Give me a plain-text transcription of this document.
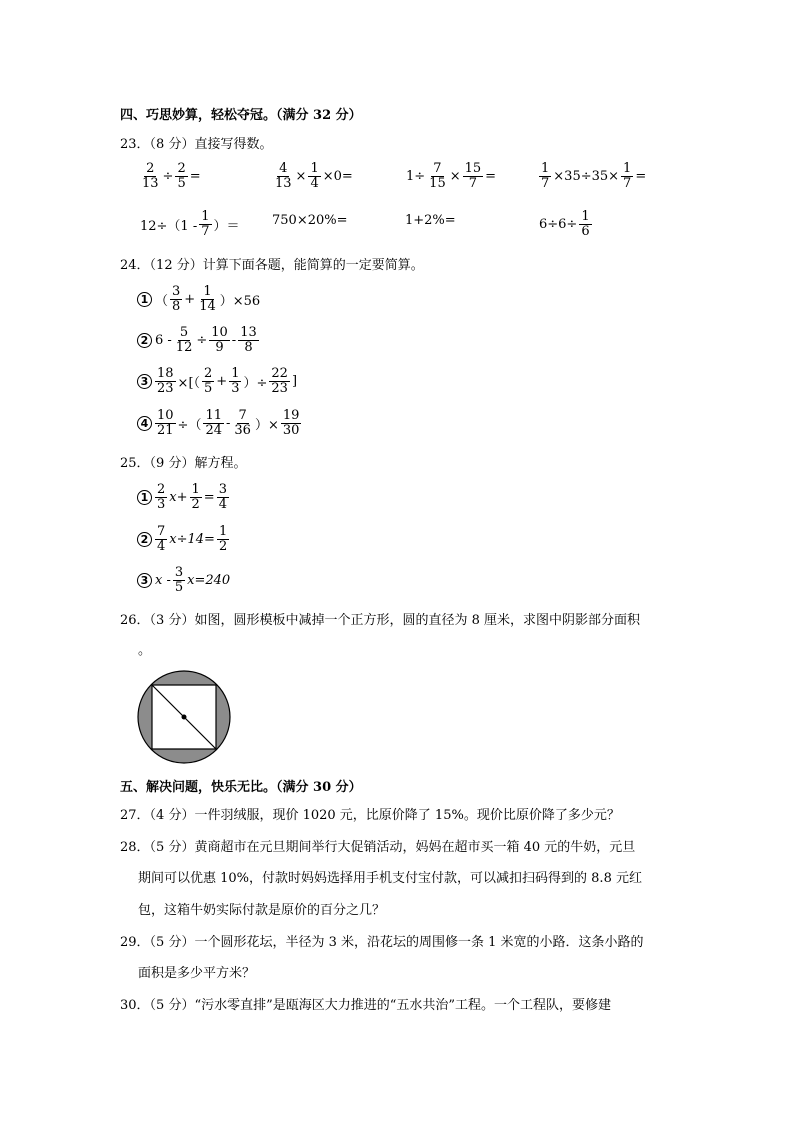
四、巧思妙算，轻松夺冠。（满分 32 分）
23．（8 分）直接写得数。
$\frac{2}{13} \div \frac{2}{5}$ =	$\frac{4}{13} \times \frac{1}{4} \times 0=$	$1\div \frac{7}{15} \times \frac{15}{7}$ =	$\frac{1}{7} \times 35\div 35\times \frac{1}{7}$ =
$12\div(1 - \frac{1}{7}$ ）＝ 750×20%=	1+2%=	$6\div 6\div \frac{1}{6}$
24．（12 分）计算下面各题，能简算的一定要简算。
1 （ $\frac{3}{8} + \frac{1}{14} )\times 56$
2 $6 - \frac{5}{12} \div \frac{10}{9} - \frac{13}{8}$
$3 \frac{18}{23}$ ×[（ $\frac{2}{5} + \frac{1}{3}$ ）÷ $\frac{22}{23}$ ]
$4 \frac{10}{21}$ ÷（ $\frac{11}{24} - \frac{7}{36}$ ）× $\frac{19}{30}$
25．（9 分）解方程。
$1 \frac{2}{3} x+ \frac{1}{2} = \frac{3}{4}$
$2 \frac{7}{4} x\div 14= \frac{1}{2}$
3 $x - \frac{3}{5} x=240$
26．（3 分）如图，圆形模板中减掉一个正方形，圆的直径为 8 厘米，求图中阴影部分面积
。
五、解决问题，快乐无比。（满分 30 分）
27．（4 分）一件羽绒服，现价 1020 元，比原价降了 15%。现价比原价降了多少元？
28．（5 分）黄商超市在元旦期间举行大促销活动，妈妈在超市买一箱 40 元的牛奶，元旦
期间可以优惠 10%，付款时妈妈选择用手机支付宝付款，可以减扣扫码得到的 8.8 元红
包，这箱牛奶实际付款是原价的百分之几？
29．（5 分）一个圆形花坛，半径为 3 米，沿花坛的周围修一条 1 米宽的小路．这条小路的
面积是多少平方米？
30．（5 分）“污水零直排”是瓯海区大力推进的“五水共治”工程。一个工程队，要修建
